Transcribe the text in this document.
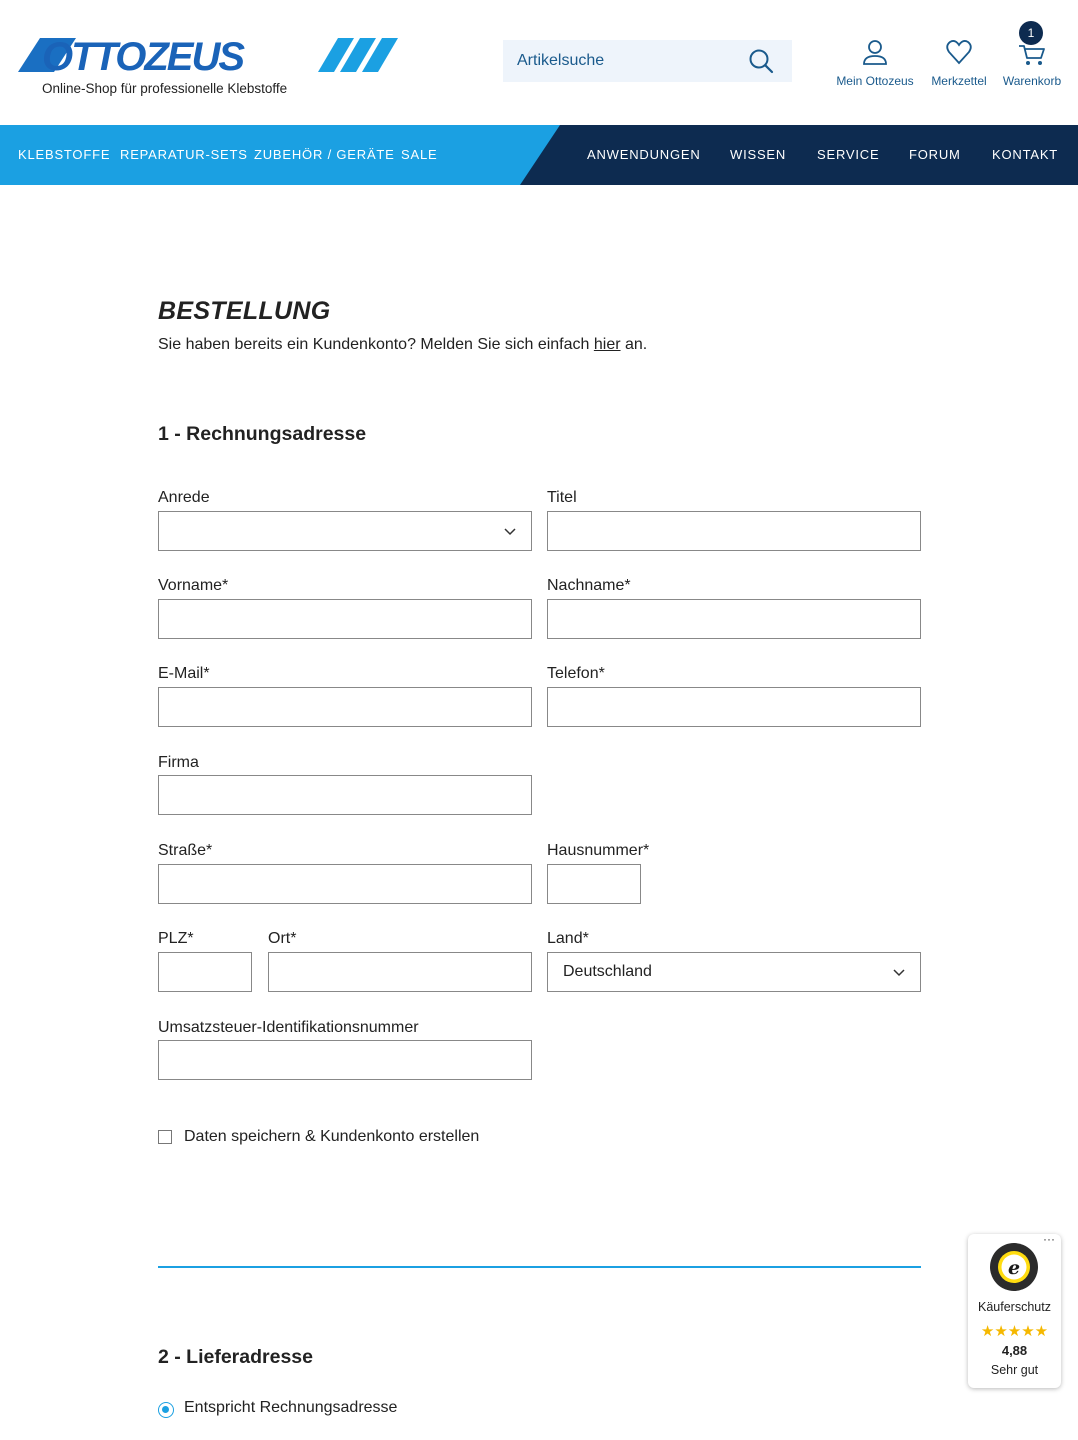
OTTOZEUS
Online-Shop für professionelle Klebstoffe
Artikelsuche	Mein Ottozeus	Merkzettel	Warenkorb
1
KLEBSTOFFE REPARATUR-SETS ZUBEHÖR / GERÄTE SALE	ANWENDUNGEN WISSEN SERVICE FORUM KONTAKT
BESTELLUNG
Sie haben bereits ein Kundenkonto? Melden Sie sich einfach hier an.
1 - Rechnungsadresse
Anrede	Titel
Vorname*	Nachname*
E-Mail*	Telefon*
Firma
Straße*	Hausnummer*
PLZ*	Ort*	Land*
Deutschland
Umsatzsteuer-Identifikationsnummer
Daten speichern & Kundenkonto erstellen
2 - Lieferadresse
Entspricht Rechnungsadresse
···
e
Käuferschutz
★★★★★
4,88
Sehr gut
